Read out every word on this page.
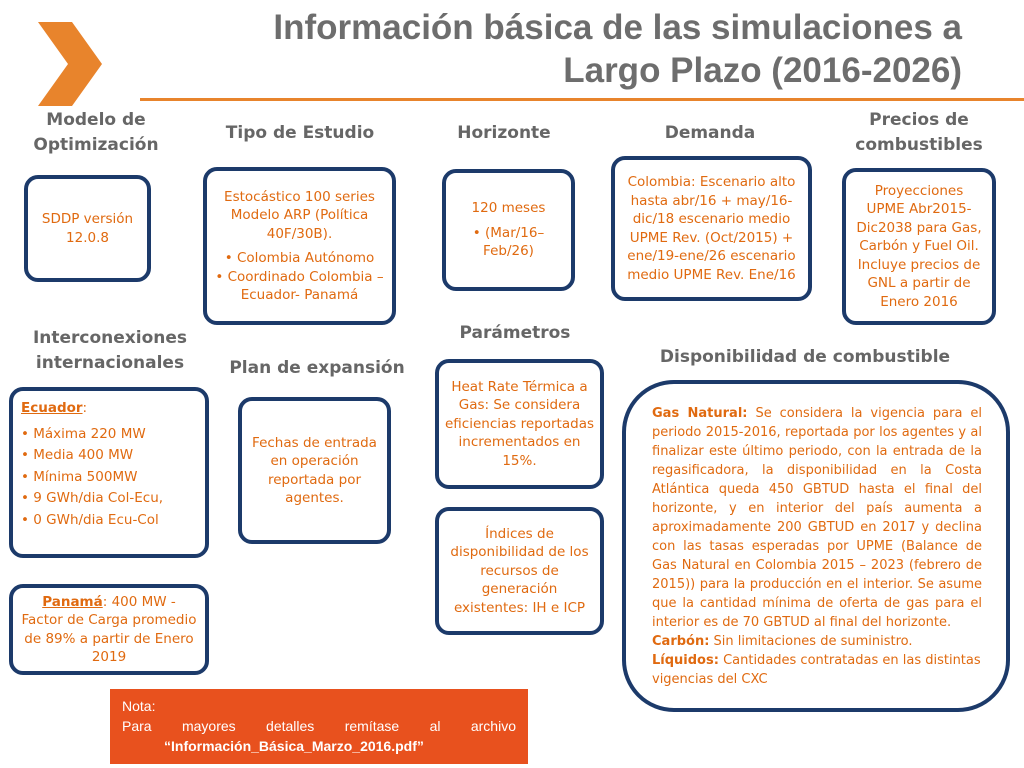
Información básica de las simulaciones a
Largo Plazo (2016-2026)
Modelo de Optimización
Tipo de Estudio	Horizonte	Demanda
Precios de combustibles
Interconexiones internacionales	Plan de expansión
Parámetros
Disponibilidad de combustible
SDDP versión 12.0.8

Estocástico 100 series Modelo ARP (Política 40F/30B).

• Colombia Autónomo
• Coordinado Colombia – Ecuador- Panamá

120 meses

• (Mar/16– Feb/26)
Colombia: Escenario alto hasta abr/16 + may/16-dic/18 escenario medio UPME Rev. (Oct/2015) + ene/19-ene/26 escenario medio UPME Rev. Ene/16
Proyecciones UPME Abr2015-Dic2038 para Gas, Carbón y Fuel Oil. Incluye precios de GNL a partir de Enero 2016

Ecuador:

• Máxima 220 MW
• Media 400 MW
• Mínima 500MW
• 9 GWh/dia Col-Ecu,
• 0 GWh/dia Ecu-Col
Panamá: 400 MW - Factor de Carga promedio de 89% a partir de Enero 2019
Fechas de entrada en operación reportada por agentes.
Heat Rate Térmica a Gas: Se considera eficiencias reportadas incrementados en 15%.
Índices de disponibilidad de los recursos de generación existentes: IH e ICP

Gas Natural: Se considera la vigencia para el periodo 2015-2016, reportada por los agentes y al finalizar este último periodo, con la entrada de la regasificadora, la disponibilidad en la Costa Atlántica queda 450 GBTUD hasta el final del horizonte, y en interior del país aumenta a aproximadamente 200 GBTUD en 2017 y declina con las tasas esperadas por UPME (Balance de Gas Natural en Colombia 2015 – 2023 (febrero de 2015)) para la producción en el interior. Se asume que la cantidad mínima de oferta de gas para el interior es de 70 GBTUD al final del horizonte.

Carbón: Sin limitaciones de suministro.

Líquidos: Cantidades contratadas en las distintas vigencias del CXC

Nota:
Para mayores detalles remítase al archivo
“Información_Básica_Marzo_2016.pdf”
